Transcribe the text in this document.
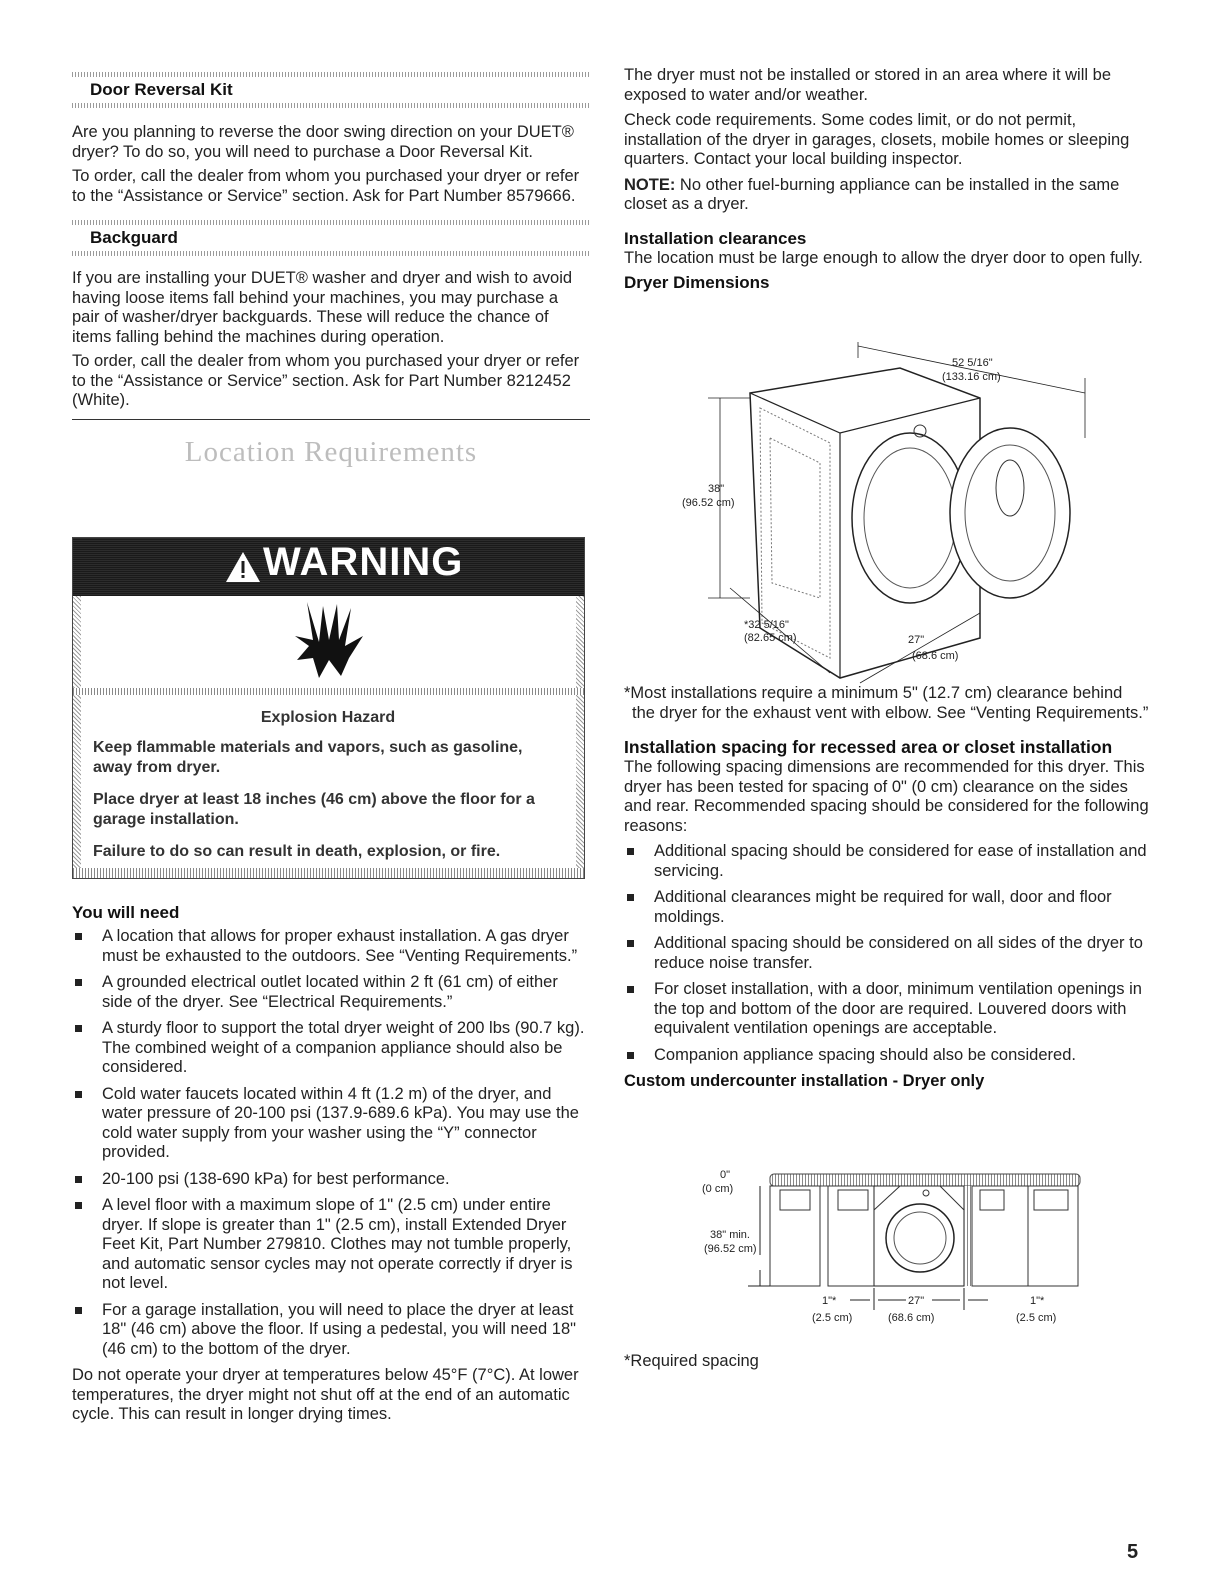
Door Reversal Kit

Are you planning to reverse the door swing direction on your DUET® dryer? To do so, you will need to purchase a Door Reversal Kit.

To order, call the dealer from whom you purchased your dryer or refer to the “Assistance or Service” section. Ask for Part Number 8579666.

Backguard

If you are installing your DUET® washer and dryer and wish to avoid having loose items fall behind your machines, you may purchase a pair of washer/dryer backguards. These will reduce the chance of items falling behind the machines during operation.

To order, call the dealer from whom you purchased your dryer or refer to the “Assistance or Service” section. Ask for Part Number 8212452 (White).

Location Requirements
WARNING
Explosion Hazard
Keep flammable materials and vapors, such as gasoline, away from dryer.
Place dryer at least 18 inches (46 cm) above the floor for a garage installation.
Failure to do so can result in death, explosion, or fire.
You will need
A location that allows for proper exhaust installation. A gas dryer must be exhausted to the outdoors. See “Venting Requirements.”
A grounded electrical outlet located within 2 ft (61 cm) of either side of the dryer. See “Electrical Requirements.”
A sturdy floor to support the total dryer weight of 200 lbs (90.7 kg). The combined weight of a companion appliance should also be considered.
Cold water faucets located within 4 ft (1.2 m) of the dryer, and water pressure of 20-100 psi (137.9-689.6 kPa). You may use the cold water supply from your washer using the “Y” connector provided.
20-100 psi (138-690 kPa) for best performance.
A level floor with a maximum slope of 1" (2.5 cm) under entire dryer. If slope is greater than 1" (2.5 cm), install Extended Dryer Feet Kit, Part Number 279810. Clothes may not tumble properly, and automatic sensor cycles may not operate correctly if dryer is not level.
For a garage installation, you will need to place the dryer at least 18" (46 cm) above the floor. If using a pedestal, you will need 18" (46 cm) to the bottom of the dryer.

Do not operate your dryer at temperatures below 45°F (7°C). At lower temperatures, the dryer might not shut off at the end of an automatic cycle. This can result in longer drying times.

The dryer must not be installed or stored in an area where it will be exposed to water and/or weather.

Check code requirements. Some codes limit, or do not permit, installation of the dryer in garages, closets, mobile homes or sleeping quarters. Contact your local building inspector.

NOTE: No other fuel-burning appliance can be installed in the same closet as a dryer.

Installation clearances

The location must be large enough to allow the dryer door to open fully.

Dryer Dimensions
52 5/16"
(133.16 cm)
38"
(96.52 cm)
*32 5/16"
(82.65 cm)	27"
(68.6 cm)

*Most installations require a minimum 5" (12.7 cm) clearance behind the dryer for the exhaust vent with elbow. See “Venting Requirements.”

Installation spacing for recessed area or closet installation

The following spacing dimensions are recommended for this dryer. This dryer has been tested for spacing of 0" (0 cm) clearance on the sides and rear. Recommended spacing should be considered for the following reasons:

Additional spacing should be considered for ease of installation and servicing.
Additional clearances might be required for wall, door and floor moldings.
Additional spacing should be considered on all sides of the dryer to reduce noise transfer.
For closet installation, with a door, minimum ventilation openings in the top and bottom of the door are required. Louvered doors with equivalent ventilation openings are acceptable.
Companion appliance spacing should also be considered.
Custom undercounter installation - Dryer only
0"
(0 cm)
38" min.
(96.52 cm)
1"*	27"	1"*
(2.5 cm)	(68.6 cm)	(2.5 cm)

*Required spacing

5
